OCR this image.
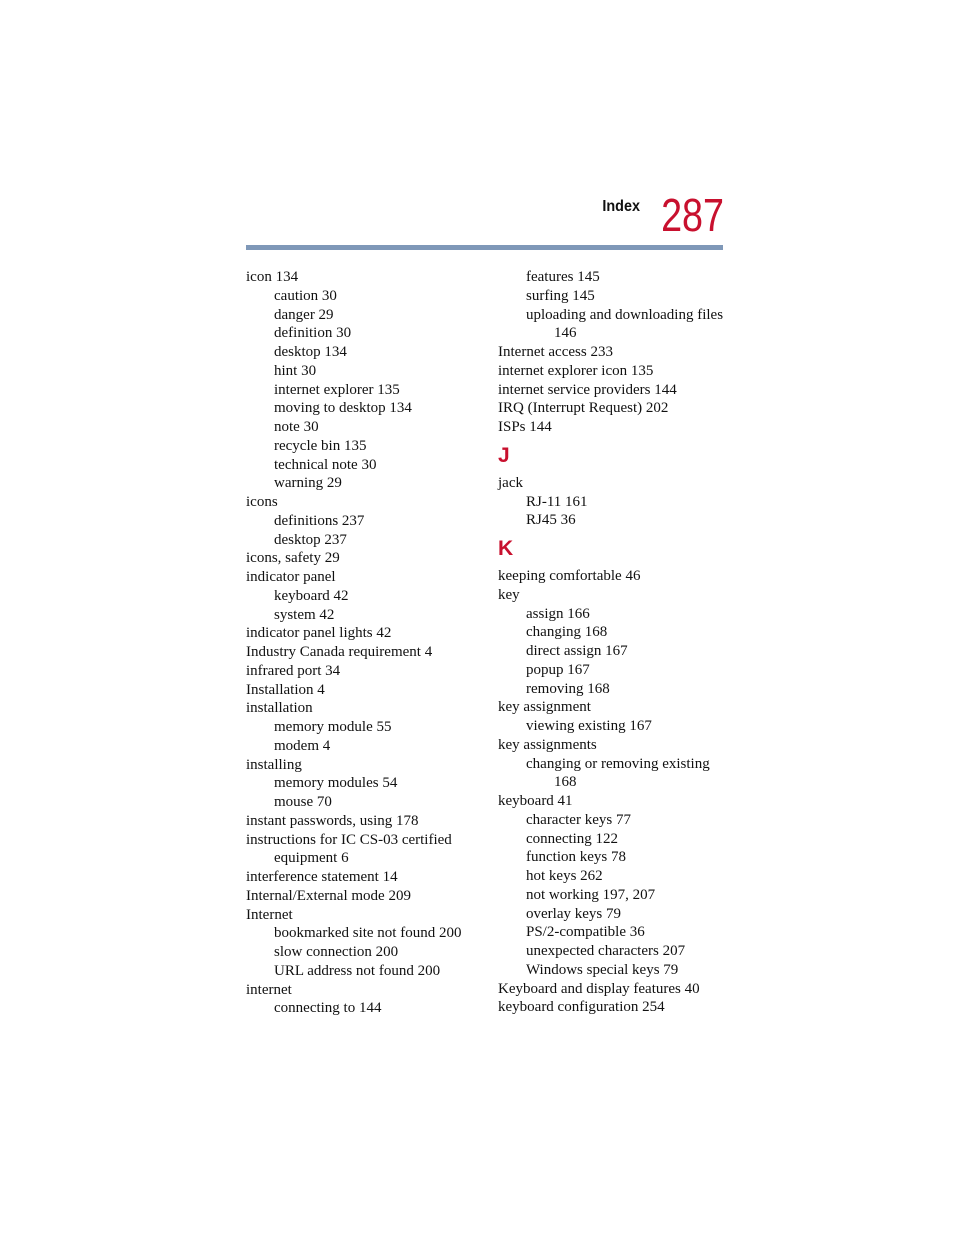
Index 287
icon 134
caution 30
danger 29
definition 30
desktop 134
hint 30
internet explorer 135
moving to desktop 134
note 30
recycle bin 135
technical note 30
warning 29
icons
definitions 237
desktop 237
icons, safety 29
indicator panel
keyboard 42
system 42
indicator panel lights 42
Industry Canada requirement 4
infrared port 34
Installation 4
installation
memory module 55
modem 4
installing
memory modules 54
mouse 70
instant passwords, using 178
instructions for IC CS-03 certified
equipment 6
interference statement 14
Internal/External mode 209
Internet
bookmarked site not found 200
slow connection 200
URL address not found 200
internet
connecting to 144
features 145
surfing 145
uploading and downloading files
146
Internet access 233
internet explorer icon 135
internet service providers 144
IRQ (Interrupt Request) 202
ISPs 144
J
jack
RJ-11 161
RJ45 36
K
keeping comfortable 46
key
assign 166
changing 168
direct assign 167
popup 167
removing 168
key assignment
viewing existing 167
key assignments
changing or removing existing
168
keyboard 41
character keys 77
connecting 122
function keys 78
hot keys 262
not working 197, 207
overlay keys 79
PS/2-compatible 36
unexpected characters 207
Windows special keys 79
Keyboard and display features 40
keyboard configuration 254
